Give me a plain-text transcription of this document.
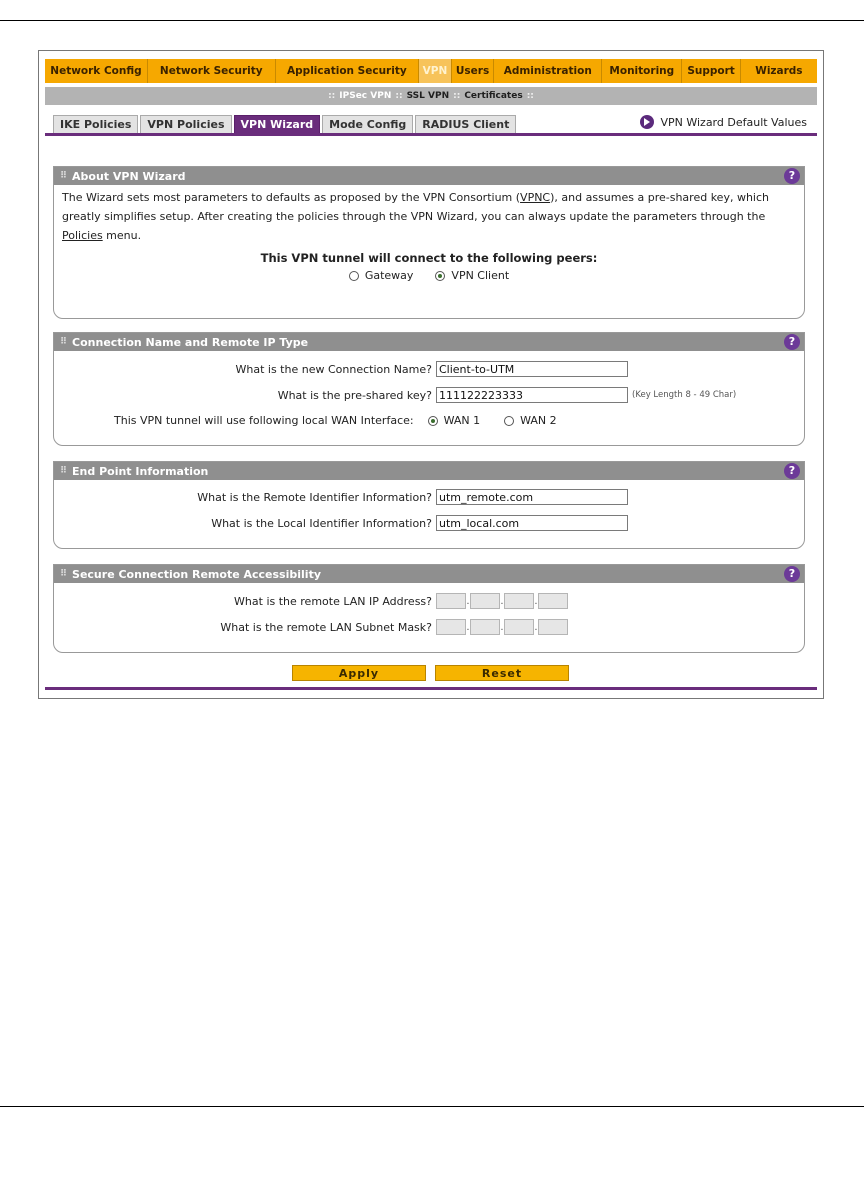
Network Config	Network Security	Application Security	VPN Users	Administration	Monitoring	Support	Wizards
:: IPSec VPN :: SSL VPN :: Certificates ::
IKE Policies	VPN Policies	VPN Wizard	Mode Config	RADIUS Client	VPN Wizard Default Values
⠿ About VPN Wizard	?
The Wizard sets most parameters to defaults as proposed by the VPN Consortium (VPNC), and assumes a pre-shared key, which greatly simplifies setup. After creating the policies through the VPN Wizard, you can always update the parameters through the Policies menu.
This VPN tunnel will connect to the following peers:
Gateway	VPN Client
⠿ Connection Name and Remote IP Type	?
What is the new Connection Name?
Client-to-UTM
What is the pre-shared key?
111122223333	(Key Length 8 - 49 Char)
This VPN tunnel will use following local WAN Interface:	WAN 1	WAN 2
⠿ End Point Information	?
What is the Remote Identifier Information?
utm_remote.com
What is the Local Identifier Information?
utm_local.com
⠿ Secure Connection Remote Accessibility	?
What is the remote LAN IP Address?	.	.	.
What is the remote LAN Subnet Mask?	.	.	.
Apply	Reset
